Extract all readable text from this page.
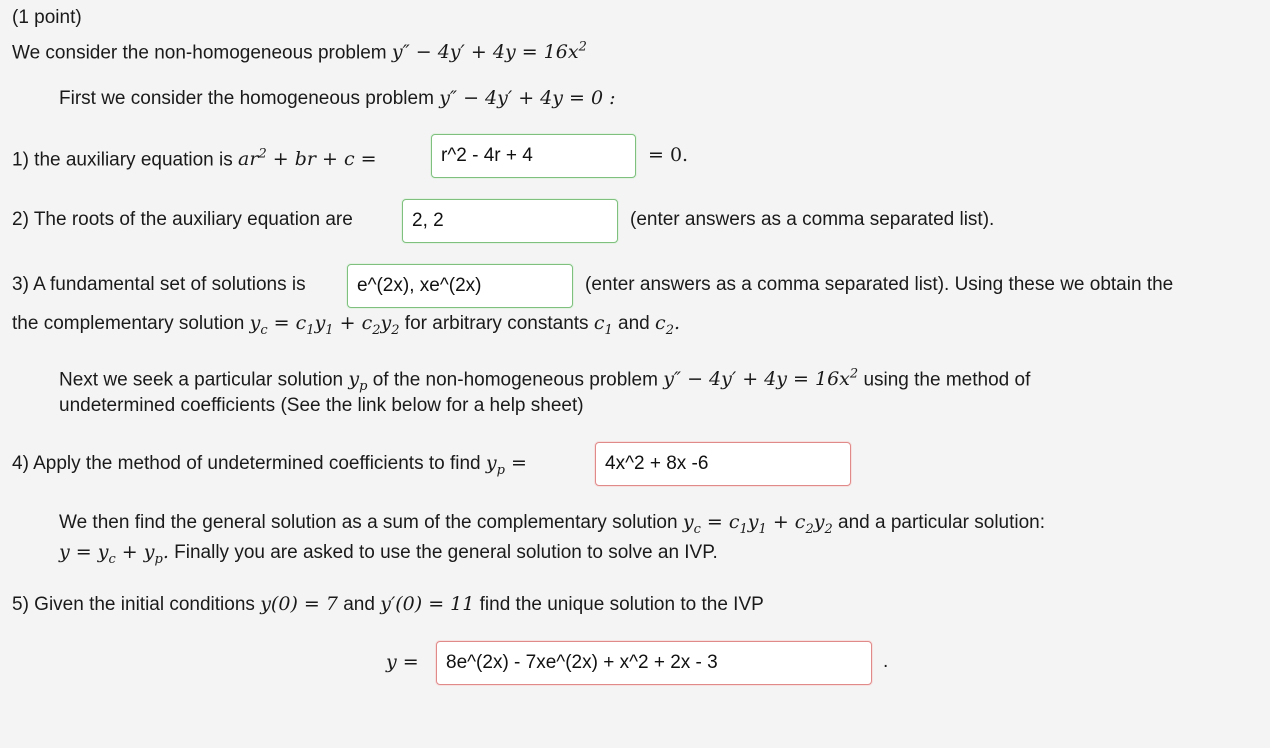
(1 point)
We consider the non-homogeneous problem $y'' - 4y' + 4y = 16x^2$
First we consider the homogeneous problem y″ − 4y′ + 4y = 0 :
1) the auxiliary equation is $ar^2$ + br + c =	r^2 - 4r + 4	= 0.
2) The roots of the auxiliary equation are	2, 2	(enter answers as a comma separated list).
3) A fundamental set of solutions is	e^(2x), xe^(2x)	(enter answers as a comma separated list). Using these we obtain the
the complementary solution $y_c = c_1y_1 + c_2y_2$ for arbitrary constants $c_1$ and $c_2$.
Next we seek a particular solution $y_p$ of the non-homogeneous problem $y'' - 4y' + 4y = 16x^2$ using the method of
undetermined coefficients (See the link below for a help sheet)
4) Apply the method of undetermined coefficients to find $y_p$ =	4x^2 + 8x -6
We then find the general solution as a sum of the complementary solution $y_c = c_1y_1 + c_2y_2$ and a particular solution:
$y = y_c + y_p$. Finally you are asked to use the general solution to solve an IVP.
5) Given the initial conditions y(0) = 7 and y′(0) = 11 find the unique solution to the IVP
y =	8e^(2x) - 7xe^(2x) + x^2 + 2x - 3	.
